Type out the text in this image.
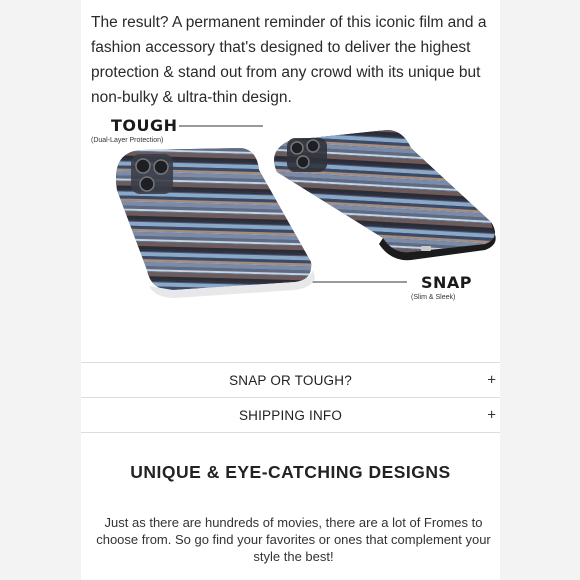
The result? A permanent reminder of this iconic film and a fashion accessory that's designed to deliver the highest protection & stand out from any crowd with its unique but non-bulky & ultra-thin design.

TOUGH

(Dual-Layer Protection)

SNAP

(Slim & Sleek)

SNAP OR TOUGH?	+
SHIPPING INFO	+
UNIQUE & EYE-CATCHING DESIGNS

Just as there are hundreds of movies, there are a lot of Fromes to choose from. So go find your favorites or ones that complement your style the best!
